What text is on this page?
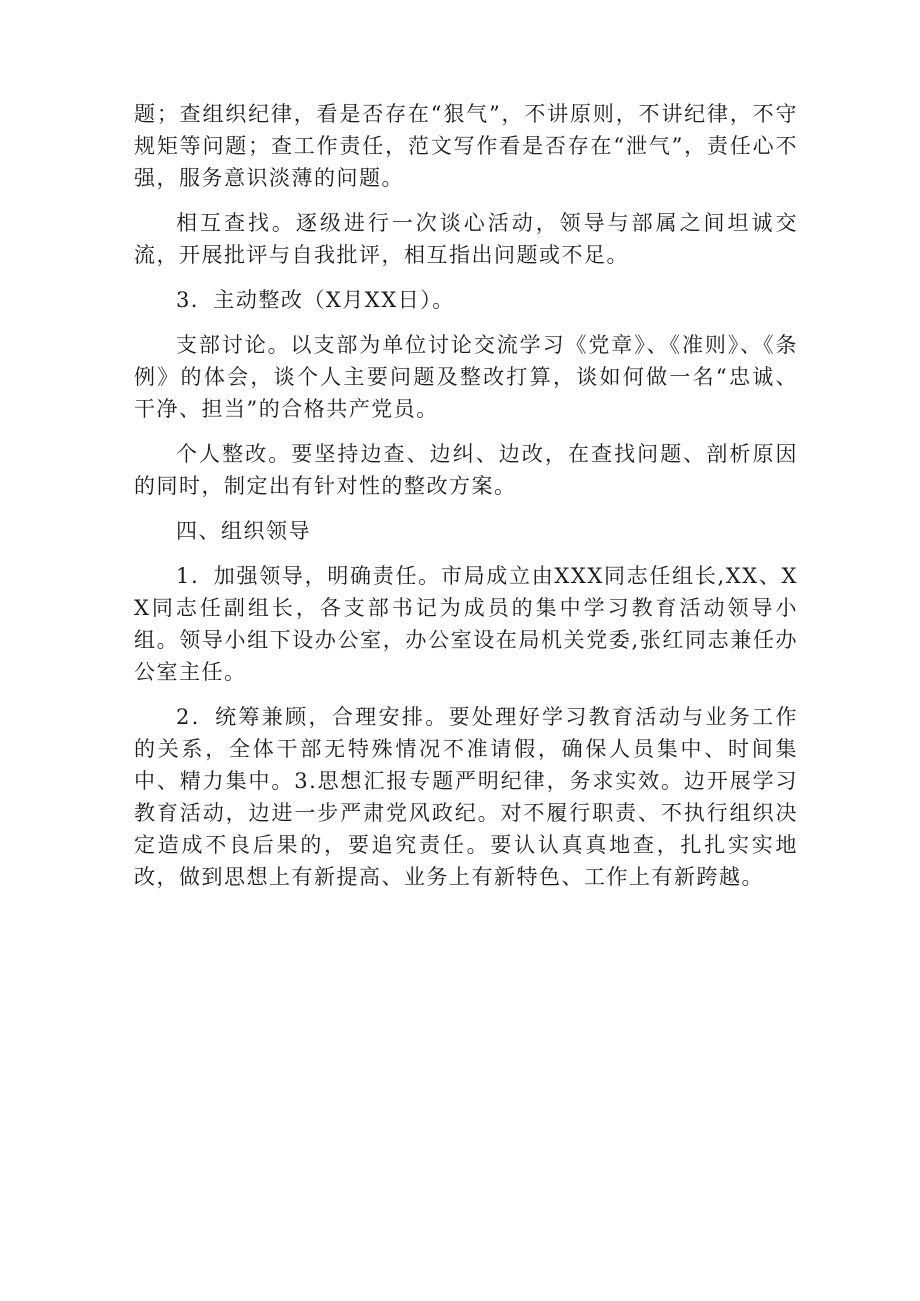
题；查组织纪律，看是否存在“狠气”，不讲原则，不讲纪律，不守规矩等问题；查工作责任，范文写作看是否存在“泄气”，责任心不强，服务意识淡薄的问题。

相互查找。逐级进行一次谈心活动，领导与部属之间坦诚交流，开展批评与自我批评，相互指出问题或不足。

3．主动整改（X月XX日）。

支部讨论。以支部为单位讨论交流学习《党章》、《准则》、《条例》的体会，谈个人主要问题及整改打算，谈如何做一名“忠诚、干净、担当”的合格共产党员。

个人整改。要坚持边查、边纠、边改，在查找问题、剖析原因的同时，制定出有针对性的整改方案。

四、组织领导

1．加强领导，明确责任。市局成立由XXX同志任组长,XX、XX同志任副组长，各支部书记为成员的集中学习教育活动领导小组。领导小组下设办公室，办公室设在局机关党委,张红同志兼任办公室主任。

2．统筹兼顾，合理安排。要处理好学习教育活动与业务工作的关系，全体干部无特殊情况不准请假，确保人员集中、时间集中、精力集中。3.思想汇报专题严明纪律，务求实效。边开展学习教育活动，边进一步严肃党风政纪。对不履行职责、不执行组织决定造成不良后果的，要追究责任。要认认真真地查，扎扎实实地改，做到思想上有新提高、业务上有新特色、工作上有新跨越。
